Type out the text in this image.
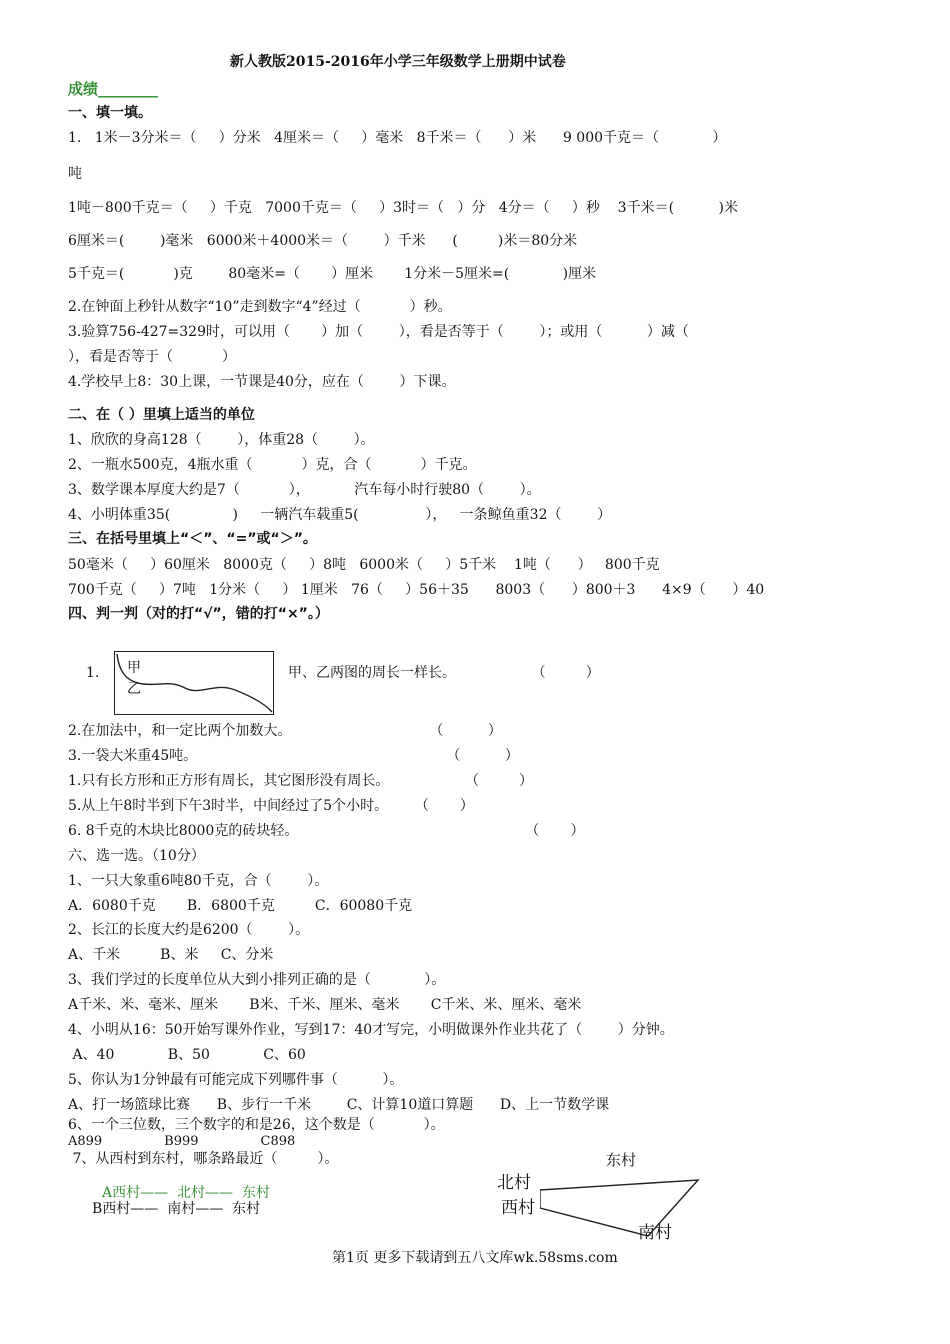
新人教版2015-2016年小学三年级数学上册期中试卷
成绩________
一、填一填。
1.   1米－3分米＝（     ）分米   4厘米＝（     ）毫米   8千米＝（      ）米      9 000千克＝（            ）
吨
1吨－800千克＝（     ）千克   7000千克＝（     ）3时＝（   ）分   4分＝（     ）秒    3千米＝(          )米
6厘米＝(        )毫米   6000米＋4000米＝（        ）千米      (         )米＝80分米
5千克＝(           )克        80毫米=（       ）厘米       1分米－5厘米=(            )厘米
2.在钟面上秒针从数字“10”走到数字“4”经过（           ）秒。
3.验算756-427=329时，可以用（       ）加（        ），看是否等于（        ）；或用（          ）减（
），看是否等于（           ）
4.学校早上8：30上课，一节课是40分，应在（        ）下课。
二、在（ ）里填上适当的单位
1、欣欣的身高128（        ），体重28（        ）。
2、一瓶水500克，4瓶水重（           ）克，合（           ）千克。
3、数学课本厚度大约是7（           ），          汽车每小时行驶80（        ）。
4、小明体重35(              )     一辆汽车载重5(               ），   一条鲸鱼重32（        ）
三、在括号里填上“＜”、“=”或“＞”。
50毫米（     ）60厘米   8000克（     ）8吨   6000米（     ）5千米    1吨（      ）   800千克
700千克（     ）7吨   1分米（     ） 1厘米   76（     ）56＋35      8003（      ）800＋3      4×9（      ）40
四、判一判（对的打“√”，错的打“×”。）
1. 甲
乙
甲、乙两图的周长一样长。                 （         ）
2.在加法中，和一定比两个加数大。                               （          ）
3.一袋大米重45吨。                                                        （          ）
1.只有长方形和正方形有周长，其它图形没有周长。                 （         ）
5.从上午8时半到下午3时半，中间经过了5个小时。      （       ）
6. 8千克的木块比8000克的砖块轻。                                                   （       ）
六、选一选。（10分）
1、一只大象重6吨80千克，合（        ）。
A．6080千克       B．6800千克         C．60080千克
2、长江的长度大约是6200（        ）。
A、千米         B、米     C、分米
3、我们学过的长度单位从大到小排列正确的是（            ）。
A千米、米、毫米、厘米       B米、千米、厘米、毫米       C千米、米、厘米、毫米
4、小明从16：50开始写课外作业，写到17：40才写完，小明做课外作业共花了（        ）分钟。
A、40            B、50            C、60
5、你认为1分钟最有可能完成下列哪件事（          ）。
A、打一场篮球比赛      B、步行一千米        C、计算10道口算题      D、上一节数学课
6、一个三位数，三个数字的和是26，这个数是（           ）。
A899               B999               C898
7、从西村到东村，哪条路最近（         ）。
A西村——  北村——  东村
B西村——  南村——  东村
东村
北村
西村
南村
第1页 更多下载请到五八文库wk.58sms.com
